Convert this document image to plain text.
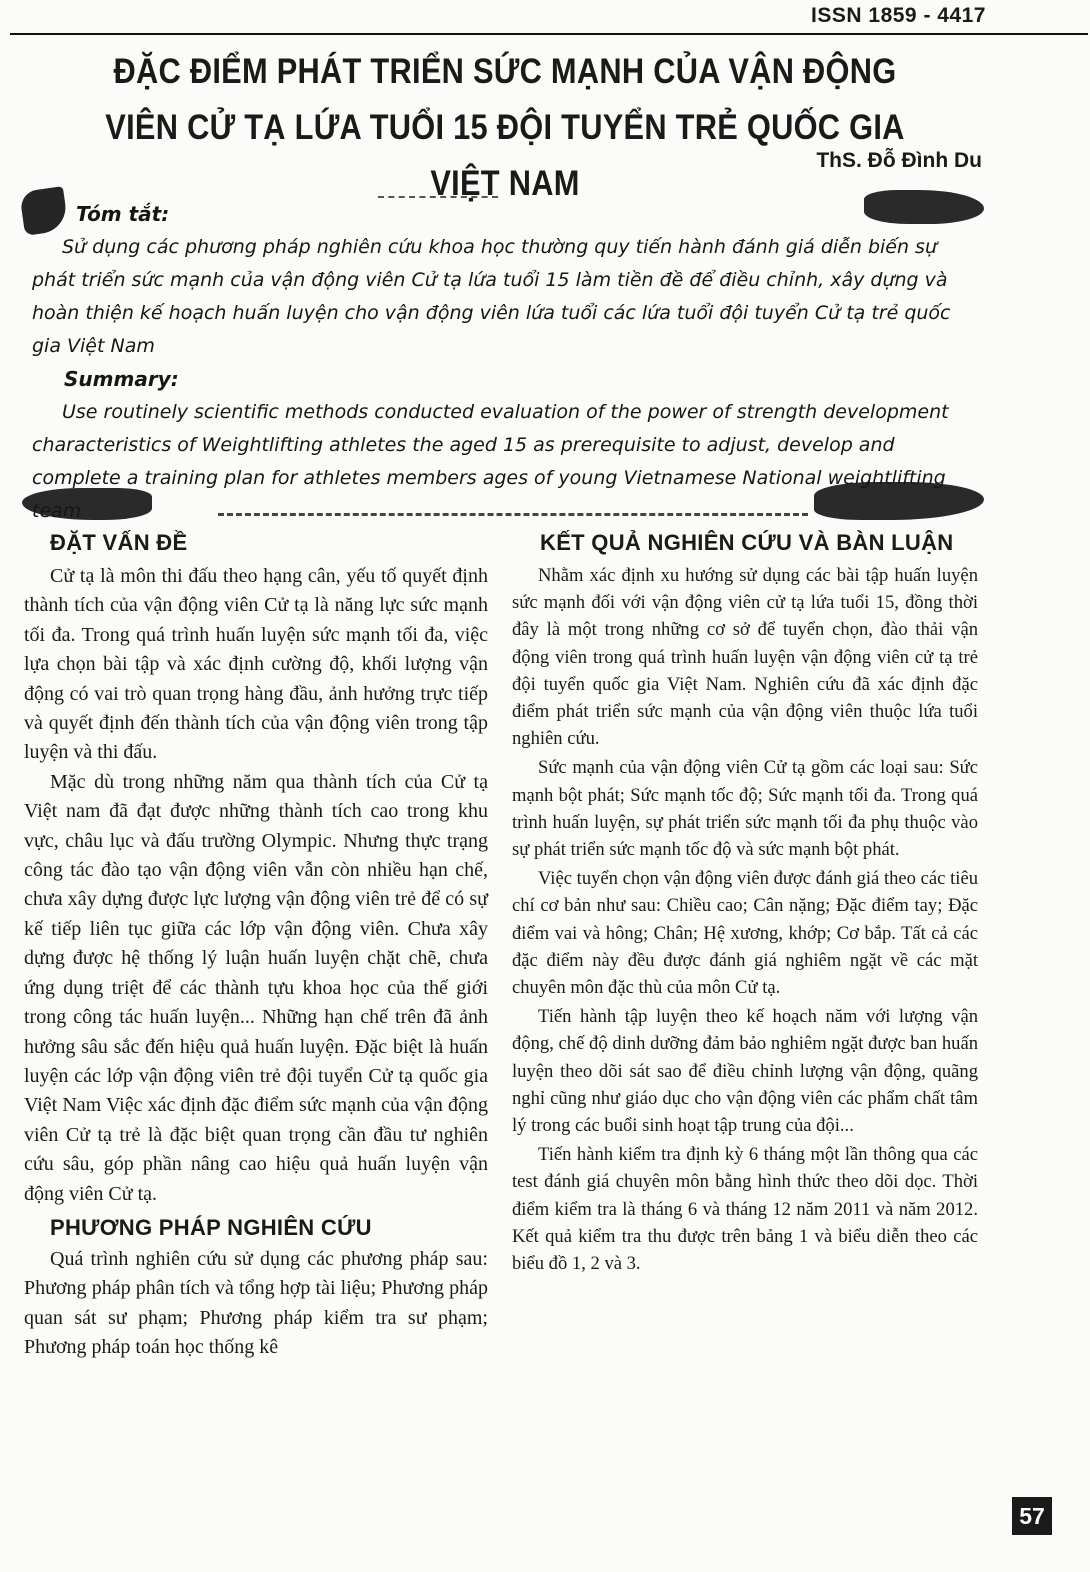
ISSN 1859 - 4417
ĐẶC ĐIỂM PHÁT TRIỂN SỨC MẠNH CỦA VẬN ĐỘNG VIÊN CỬ TẠ LỨA TUỔI 15 ĐỘI TUYỂN TRẺ QUỐC GIA VIỆT NAM
ThS. Đỗ Đình Du
Tóm tắt:
Sử dụng các phương pháp nghiên cứu khoa học thường quy tiến hành đánh giá diễn biến sự phát triển sức mạnh của vận động viên Cử tạ lứa tuổi 15 làm tiền đề để điều chỉnh, xây dựng và hoàn thiện kế hoạch huấn luyện cho vận động viên lứa tuổi các lứa tuổi đội tuyển Cử tạ trẻ quốc gia Việt Nam
Summary:
Use routinely scientific methods conducted evaluation of the power of strength development characteristics of Weightlifting athletes the aged 15 as prerequisite to adjust, develop and complete a training plan for athletes members ages of young Vietnamese National weightlifting team
ĐẶT VẤN ĐỀ

Cử tạ là môn thi đấu theo hạng cân, yếu tố quyết định thành tích của vận động viên Cử tạ là năng lực sức mạnh tối đa. Trong quá trình huấn luyện sức mạnh tối đa, việc lựa chọn bài tập và xác định cường độ, khối lượng vận động có vai trò quan trọng hàng đầu, ảnh hưởng trực tiếp và quyết định đến thành tích của vận động viên trong tập luyện và thi đấu.

Mặc dù trong những năm qua thành tích của Cử tạ Việt nam đã đạt được những thành tích cao trong khu vực, châu lục và đấu trường Olympic. Nhưng thực trạng công tác đào tạo vận động viên vẫn còn nhiều hạn chế, chưa xây dựng được lực lượng vận động viên trẻ để có sự kế tiếp liên tục giữa các lớp vận động viên. Chưa xây dựng được hệ thống lý luận huấn luyện chặt chẽ, chưa ứng dụng triệt để các thành tựu khoa học của thế giới trong công tác huấn luyện... Những hạn chế trên đã ảnh hưởng sâu sắc đến hiệu quả huấn luyện. Đặc biệt là huấn luyện các lớp vận động viên trẻ đội tuyển Cử tạ quốc gia Việt Nam Việc xác định đặc điểm sức mạnh của vận động viên Cử tạ trẻ là đặc biệt quan trọng cần đầu tư nghiên cứu sâu, góp phần nâng cao hiệu quả huấn luyện vận động viên Cử tạ.

PHƯƠNG PHÁP NGHIÊN CỨU

Quá trình nghiên cứu sử dụng các phương pháp sau: Phương pháp phân tích và tổng hợp tài liệu; Phương pháp quan sát sư phạm; Phương pháp kiểm tra sư phạm; Phương pháp toán học thống kê

KẾT QUẢ NGHIÊN CỨU VÀ BÀN LUẬN

Nhằm xác định xu hướng sử dụng các bài tập huấn luyện sức mạnh đối với vận động viên cử tạ lứa tuổi 15, đồng thời đây là một trong những cơ sở để tuyển chọn, đào thải vận động viên trong quá trình huấn luyện vận động viên cử tạ trẻ đội tuyển quốc gia Việt Nam. Nghiên cứu đã xác định đặc điểm phát triển sức mạnh của vận động viên thuộc lứa tuổi nghiên cứu.

Sức mạnh của vận động viên Cử tạ gồm các loại sau: Sức mạnh bột phát; Sức mạnh tốc độ; Sức mạnh tối đa. Trong quá trình huấn luyện, sự phát triển sức mạnh tối đa phụ thuộc vào sự phát triển sức mạnh tốc độ và sức mạnh bột phát.

Việc tuyển chọn vận động viên được đánh giá theo các tiêu chí cơ bản như sau: Chiều cao; Cân nặng; Đặc điểm tay; Đặc điểm vai và hông; Chân; Hệ xương, khớp; Cơ bắp. Tất cả các đặc điểm này đều được đánh giá nghiêm ngặt về các mặt chuyên môn đặc thù của môn Cử tạ.

Tiến hành tập luyện theo kế hoạch năm với lượng vận động, chế độ dinh dưỡng đảm bảo nghiêm ngặt được ban huấn luyện theo dõi sát sao để điều chỉnh lượng vận động, quãng nghỉ cũng như giáo dục cho vận động viên các phẩm chất tâm lý trong các buổi sinh hoạt tập trung của đội...

Tiến hành kiểm tra định kỳ 6 tháng một lần thông qua các test đánh giá chuyên môn bằng hình thức theo dõi dọc. Thời điểm kiểm tra là tháng 6 và tháng 12 năm 2011 và năm 2012. Kết quả kiểm tra thu được trên bảng 1 và biểu diễn theo các biểu đồ 1, 2 và 3.

57
